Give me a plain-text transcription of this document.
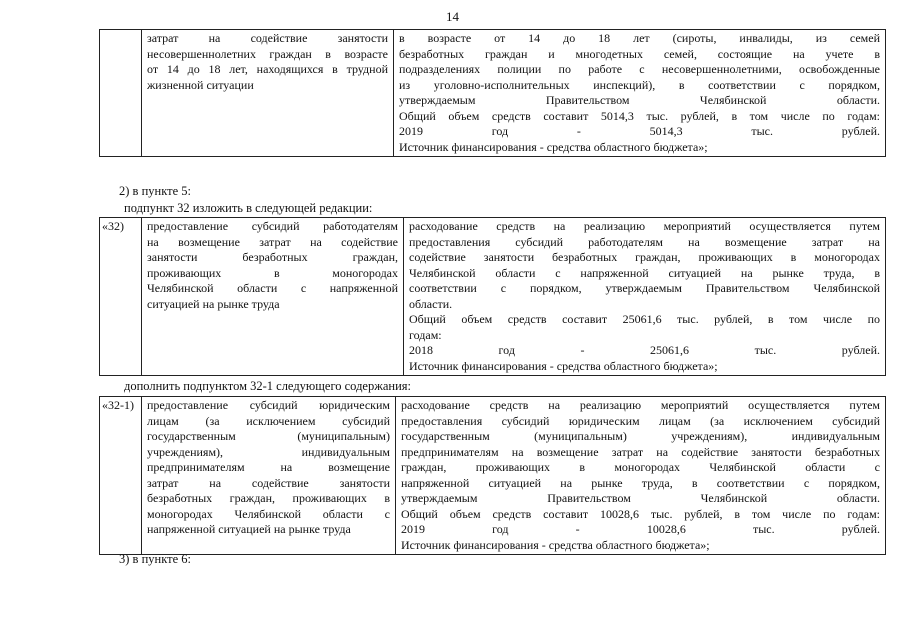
14

затрат на содействие занятости
несовершеннолетних граждан в возрасте
от 14 до 18 лет, находящихся в трудной
жизненной ситуации

в возрасте от 14 до 18 лет (сироты, инвалиды, из семей
безработных граждан и многодетных семей, состоящие на учете в
подразделениях полиции по работе с несовершеннолетними, освобожденные
из уголовно-исполнительных инспекций), в соответствии с порядком,
утверждаемым Правительством Челябинской области.
Общий объем средств составит 5014,3 тыс. рублей, в том числе по годам:
2019 год - 5014,3 тыс. рублей.
Источник финансирования - средства областного бюджета»;
2) в пункте 5:
подпункт 32 изложить в следующей редакции:
«32)	предоставление субсидий работодателям
на возмещение затрат на содействие
занятости безработных граждан,
проживающих в моногородах
Челябинской области с напряженной
ситуацией на рынке труда

расходование средств на реализацию мероприятий осуществляется путем
предоставления субсидий работодателям на возмещение затрат на
содействие занятости безработных граждан, проживающих в моногородах
Челябинской области с напряженной ситуацией на рынке труда, в
соответствии с порядком, утверждаемым Правительством Челябинской
области.
Общий объем средств составит 25061,6 тыс. рублей, в том числе по
годам:
2018 год - 25061,6 тыс. рублей.
Источник финансирования - средства областного бюджета»;
дополнить подпунктом 32-1 следующего содержания:
«32-1)	предоставление субсидий юридическим
лицам (за исключением субсидий
государственным (муниципальным)
учреждениям), индивидуальным
предпринимателям на возмещение
затрат на содействие занятости
безработных граждан, проживающих в
моногородах Челябинской области с
напряженной ситуацией на рынке труда

расходование средств на реализацию мероприятий осуществляется путем
предоставления субсидий юридическим лицам (за исключением субсидий
государственным (муниципальным) учреждениям), индивидуальным
предпринимателям на возмещение затрат на содействие занятости безработных
граждан, проживающих в моногородах Челябинской области с
напряженной ситуацией на рынке труда, в соответствии с порядком,
утверждаемым Правительством Челябинской области.
Общий объем средств составит 10028,6 тыс. рублей, в том числе по годам:
2019 год - 10028,6 тыс. рублей.
Источник финансирования - средства областного бюджета»;
3) в пункте 6:
